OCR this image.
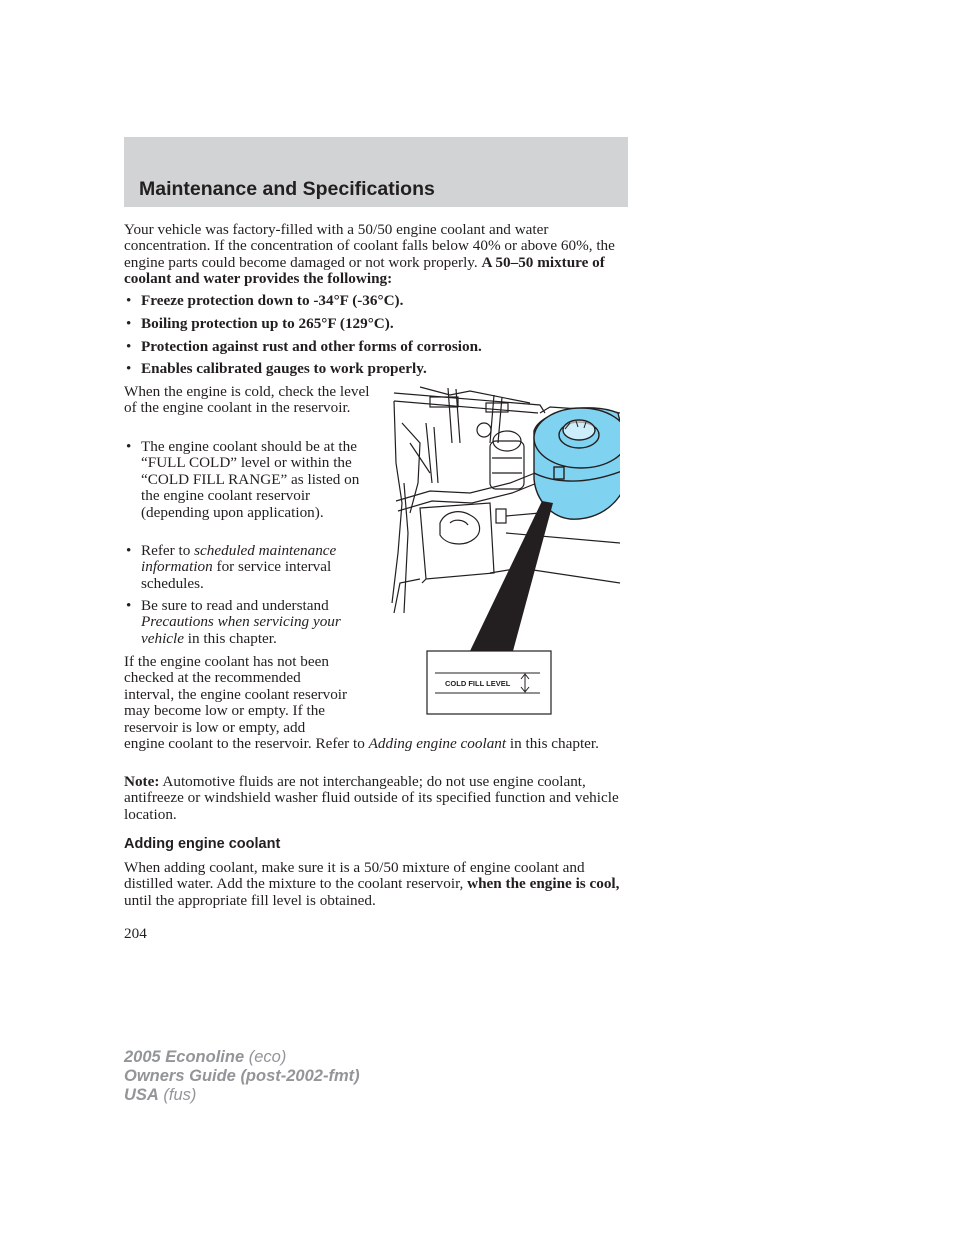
Maintenance and Specifications

Your vehicle was factory-filled with a 50/50 engine coolant and water concentration. If the concentration of coolant falls below 40% or above 60%, the engine parts could become damaged or not work properly. A 50–50 mixture of coolant and water provides the following:

• Freeze protection down to -34°F (-36°C).
• Boiling protection up to 265°F (129°C).
• Protection against rust and other forms of corrosion.
• Enables calibrated gauges to work properly.

When the engine is cold, check the level of the engine coolant in the reservoir.

• The engine coolant should be at the “FULL COLD” level or within the “COLD FILL RANGE” as listed on the engine coolant reservoir (depending upon application).
• Refer to scheduled maintenance information for service interval schedules.
• Be sure to read and understand Precautions when servicing your vehicle in this chapter.
If the engine coolant has not been
checked at the recommended
interval, the engine coolant reservoir
may become low or empty. If the
reservoir is low or empty, add
engine coolant to the reservoir. Refer to Adding engine coolant in this chapter.

Note: Automotive fluids are not interchangeable; do not use engine coolant, antifreeze or windshield washer fluid outside of its specified function and vehicle location.

Adding engine coolant

When adding coolant, make sure it is a 50/50 mixture of engine coolant and distilled water. Add the mixture to the coolant reservoir, when the engine is cool, until the appropriate fill level is obtained.

204
2005 Econoline (eco)
Owners Guide (post-2002-fmt)
USA (fus)
COLD FILL LEVEL
